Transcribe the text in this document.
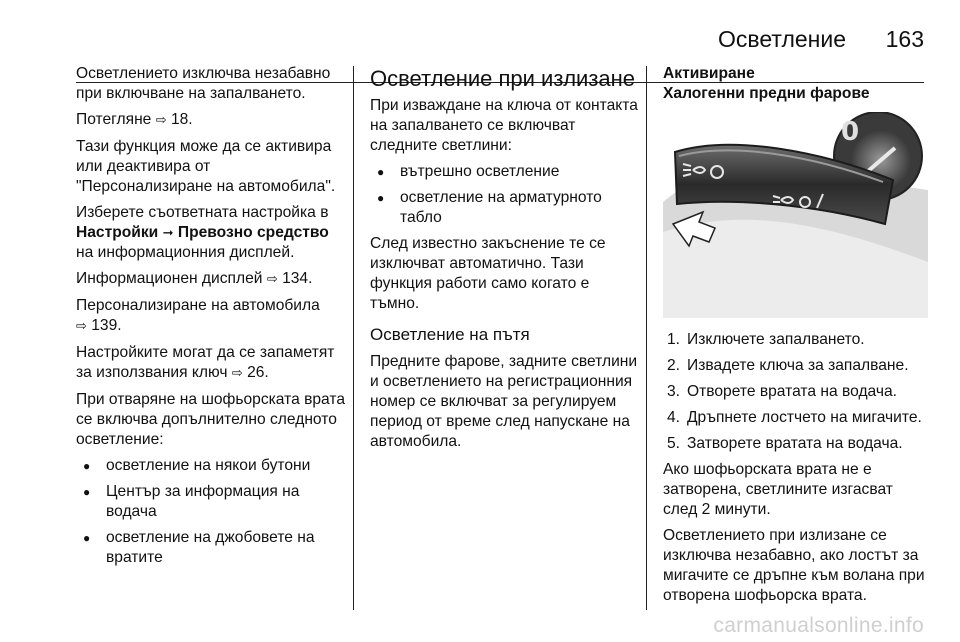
Осветление 163

Осветлението изключва незабавно при включване на запалването.

Потегляне ⇨ 18.

Тази функция може да се активира или деактивира от "Персонализиране на автомобила".

Изберете съответната настройка в Настройки ➞ Превозно средство на информационния дисплей.

Информационен дисплей ⇨ 134.

Персонализиране на автомобила
⇨ 139.

Настройките могат да се запаметят за използвания ключ ⇨ 26.

При отваряне на шофьорската врата се включва допълнително следното осветление:

● осветление на някои бутони
● Център за информация на водача
● осветление на джобовете на вратите
Осветление при излизане

При изваждане на ключа от контакта на запалването се включват следните светлини:

● вътрешно осветление
● осветление на арматурното табло

След известно закъснение те се изключват автоматично. Тази функция работи само когато е тъмно.

Осветление на пътя

Предните фарове, задните светлини и осветлението на регистрационния номер се включват за регулируем период от време след напускане на автомобила.

Активиране

Халогенни предни фарове

0
1. Изключете запалването.
2. Извадете ключа за запалване.
3. Отворете вратата на водача.
4. Дръпнете лостчето на мигачите.
5. Затворете вратата на водача.

Ако шофьорската врата не е затворена, светлините изгасват след 2 минути.

Осветлението при излизане се изключва незабавно, ако лостът за мигачите се дръпне към волана при отворена шофьорска врата.

carmanualsonline.info
